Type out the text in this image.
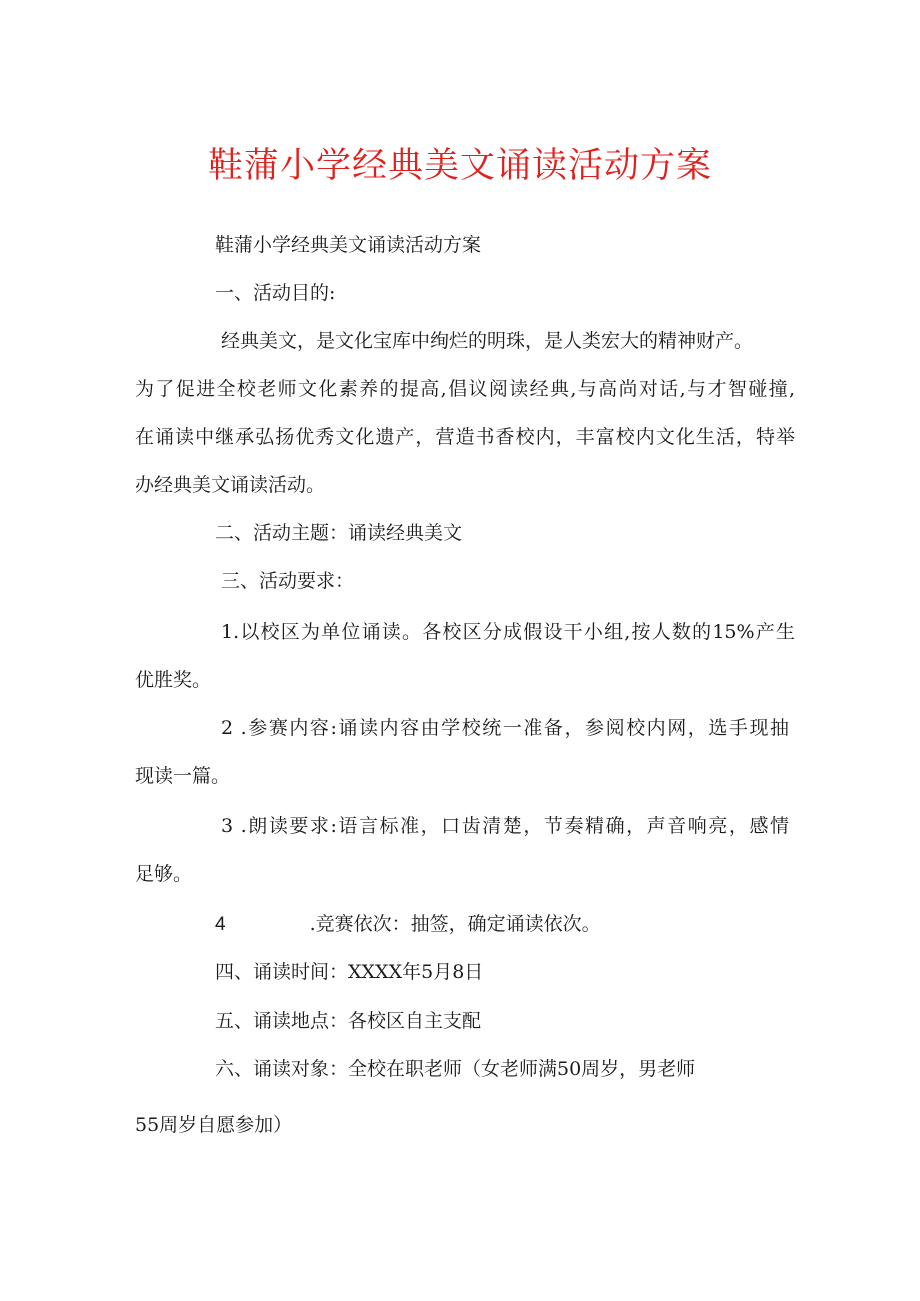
鞋蒲小学经典美文诵读活动方案
鞋蒲小学经典美文诵读活动方案
一、活动目的:
经典美文，是文化宝库中绚烂的明珠，是人类宏大的精神财产。
为了促进全校老师文化素养的提高,倡议阅读经典,与高尚对话,与才智碰撞,
在诵读中继承弘扬优秀文化遗产，营造书香校内，丰富校内文化生活，特举
办经典美文诵读活动。
二、活动主题：诵读经典美文
三、活动要求：
1.以校区为单位诵读。各校区分成假设干小组,按人数的15%产生
优胜奖。
2 .参赛内容:诵读内容由学校统一准备，参阅校内网，选手现抽
现读一篇。
3 .朗读要求:语言标准，口齿清楚，节奏精确，声音响亮，感情
足够。
4	.竞赛依次：抽签，确定诵读依次。
四、诵读时间：XXXX年5月8日
五、诵读地点：各校区自主支配
六、诵读对象：全校在职老师（女老师满50周岁，男老师
55周岁自愿参加）
